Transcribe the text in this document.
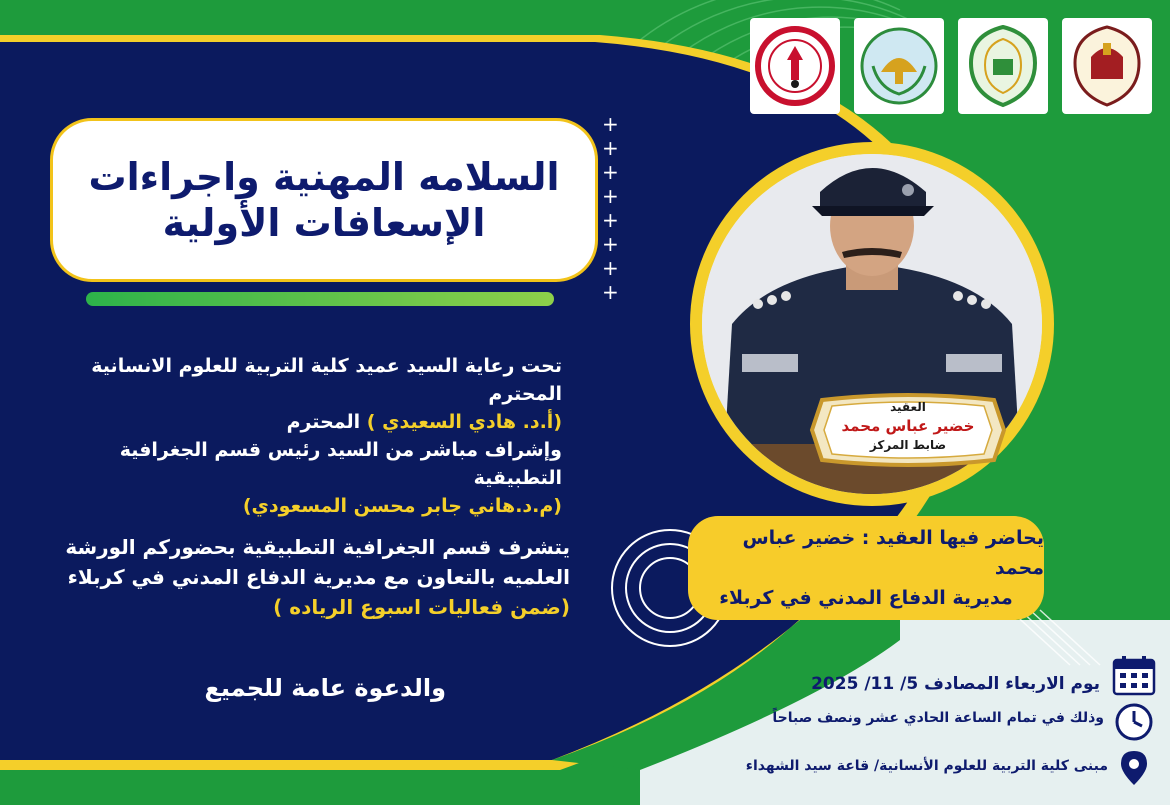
السلامه المهنية واجراءات
الإسعافات الأولية
+ +
+ +
+ +
+ +
تحت رعاية السيد عميد كلية التربية للعلوم الانسانية المحترم
(أ.د. هادي السعيدي ) المحترم
وإشراف مباشر من السيد رئيس قسم الجغرافية التطبيقية
(م.د.هاني جابر محسن المسعودي)
يتشرف قسم الجغرافية التطبيقية بحضوركم الورشة
العلميه بالتعاون مع مديرية الدفاع المدني في كربلاء
(ضمن فعاليات اسبوع الرياده )
والدعوة عامة للجميع
العقيد
خضير عباس محمد
ضابط المركز
يحاضر فيها العقيد : خضير عباس محمد
مديرية الدفاع المدني في كربلاء
يوم الاربعاء المصادف 5/ 11/ 2025
وذلك في تمام الساعة الحادي عشر ونصف صباحاً
مبنى كلية التربية للعلوم الأنسانية/ قاعة سيد الشهداء
